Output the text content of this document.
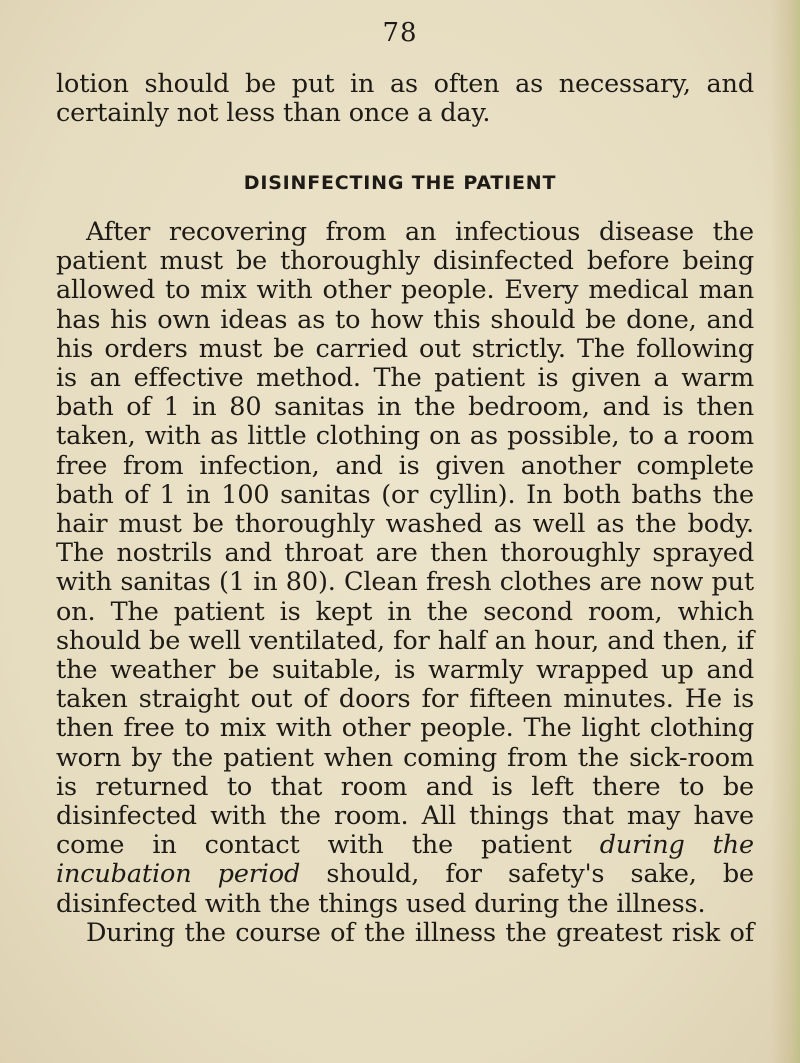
78

lotion should be put in as often as necessary, and certainly not less than once a day.

DISINFECTING THE PATIENT

After recovering from an infectious disease the patient must be thoroughly disinfected before being allowed to mix with other people. Every medical man has his own ideas as to how this should be done, and his orders must be carried out strictly. The following is an effective method. The patient is given a warm bath of 1 in 80 sanitas in the bedroom, and is then taken, with as little clothing on as possible, to a room free from infection, and is given another complete bath of 1 in 100 sanitas (or cyllin). In both baths the hair must be thoroughly washed as well as the body. The nostrils and throat are then thoroughly sprayed with sanitas (1 in 80). Clean fresh clothes are now put on. The patient is kept in the second room, which should be well ventilated, for half an hour, and then, if the weather be suitable, is warmly wrapped up and taken straight out of doors for fifteen minutes. He is then free to mix with other people. The light clothing worn by the patient when coming from the sick-room is returned to that room and is left there to be disinfected with the room. All things that may have come in contact with the patient during the incubation period should, for safety's sake, be disinfected with the things used during the illness.

During the course of the illness the greatest risk of
